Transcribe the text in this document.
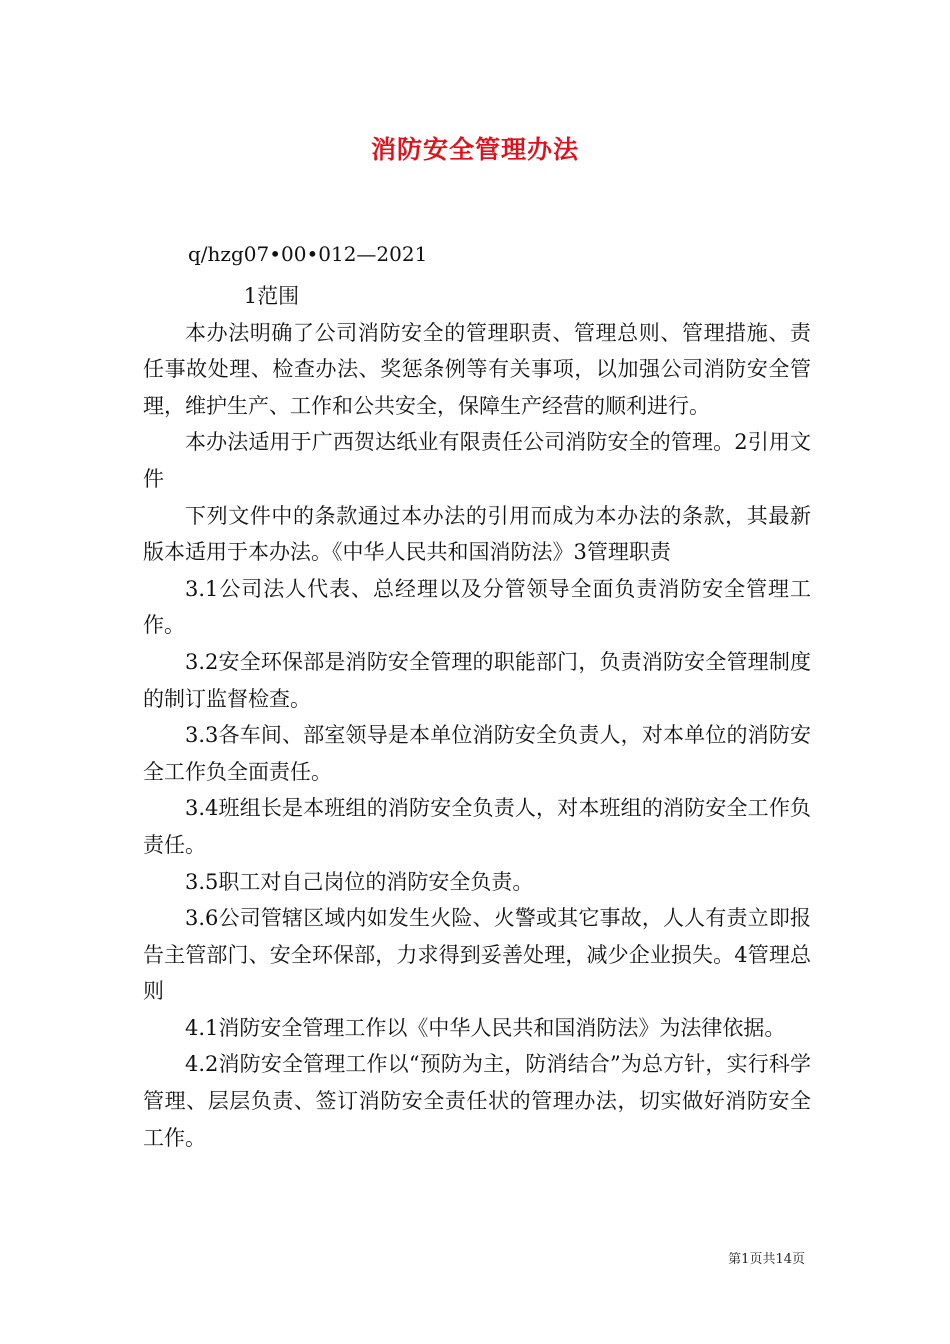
消防安全管理办法
q/hzg07•00•012—2021

1范围

本办法明确了公司消防安全的管理职责、管理总则、管理措施、责任事故处理、检查办法、奖惩条例等有关事项，以加强公司消防安全管理，维护生产、工作和公共安全，保障生产经营的顺利进行。

本办法适用于广西贺达纸业有限责任公司消防安全的管理。2引用文件

下列文件中的条款通过本办法的引用而成为本办法的条款，其最新版本适用于本办法。《中华人民共和国消防法》3管理职责

3.1公司法人代表、总经理以及分管领导全面负责消防安全管理工作。

3.2安全环保部是消防安全管理的职能部门，负责消防安全管理制度的制订监督检查。

3.3各车间、部室领导是本单位消防安全负责人，对本单位的消防安全工作负全面责任。

3.4班组长是本班组的消防安全负责人，对本班组的消防安全工作负责任。

3.5职工对自己岗位的消防安全负责。

3.6公司管辖区域内如发生火险、火警或其它事故，人人有责立即报告主管部门、安全环保部，力求得到妥善处理，减少企业损失。4管理总则

4.1消防安全管理工作以《中华人民共和国消防法》为法律依据。

4.2消防安全管理工作以“预防为主，防消结合”为总方针，实行科学管理、层层负责、签订消防安全责任状的管理办法，切实做好消防安全工作。

第1页共14页
